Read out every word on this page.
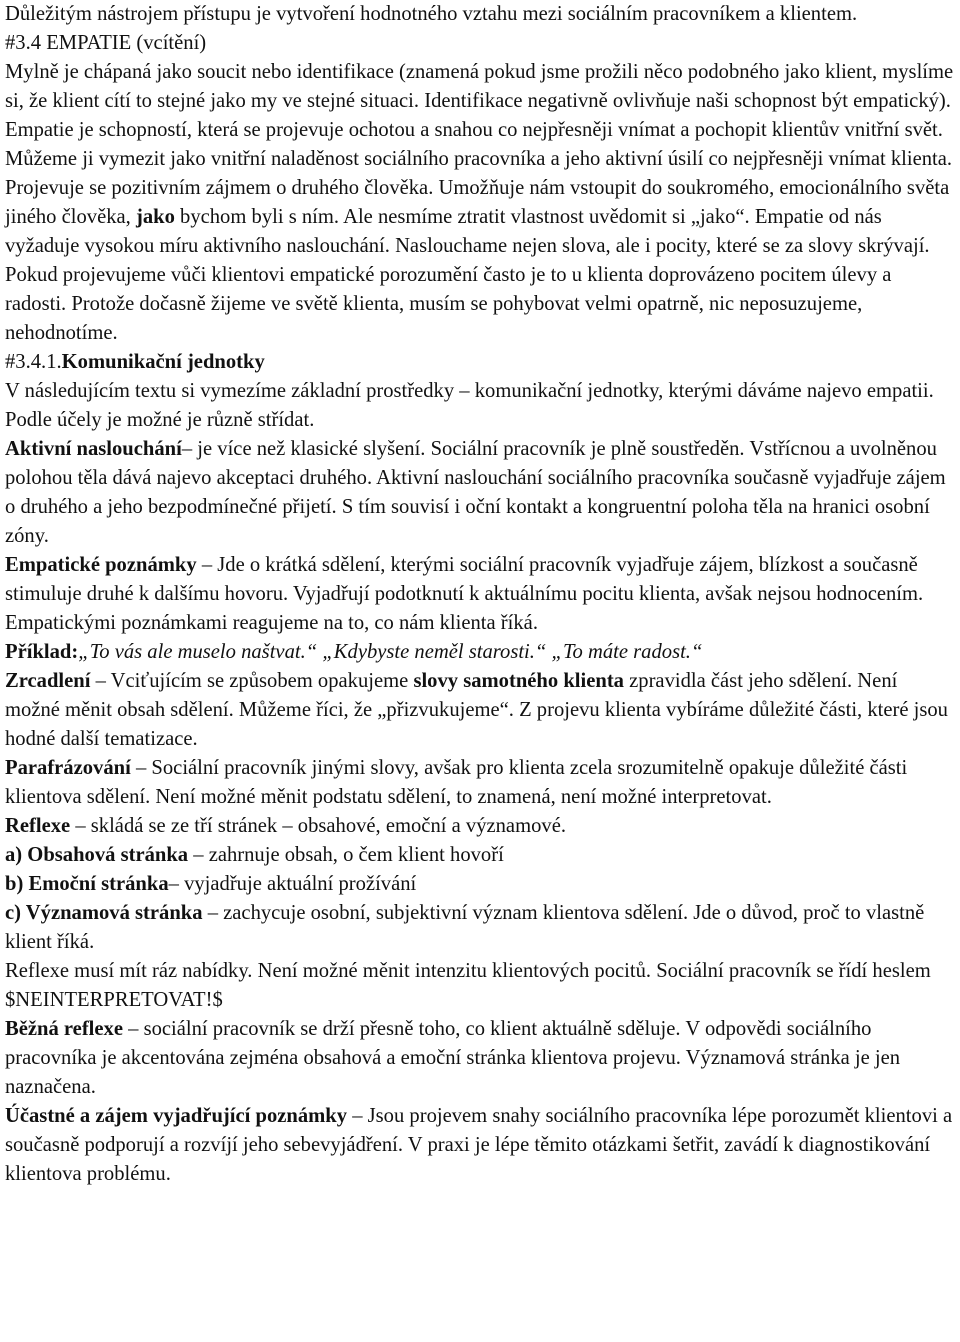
Důležitým nástrojem přístupu je vytvoření hodnotného vztahu mezi sociálním pracovníkem a klientem.

#3.4 EMPATIE (vcítění)

Mylně je chápaná jako soucit nebo identifikace (znamená pokud jsme prožili něco podobného jako klient, myslíme si, že klient cítí to stejné jako my ve stejné situaci. Identifikace negativně ovlivňuje naši schopnost být empatický). Empatie je schopností, která se projevuje ochotou a snahou co nejpřesněji vnímat a pochopit klientův vnitřní svět. Můžeme ji vymezit jako vnitřní naladěnost sociálního pracovníka a jeho aktivní úsilí co nejpřesněji vnímat klienta. Projevuje se pozitivním zájmem o druhého člověka. Umožňuje nám vstoupit do soukromého, emocionálního světa jiného člověka, jako bychom byli s ním. Ale nesmíme ztratit vlastnost uvědomit si „jako“. Empatie od nás vyžaduje vysokou míru aktivního naslouchání. Naslouchame nejen slova, ale i pocity, které se za slovy skrývají. Pokud projevujeme vůči klientovi empatické porozumění často je to u klienta doprovázeno pocitem úlevy a radosti. Protože dočasně žijeme ve světě klienta, musím se pohybovat velmi opatrně, nic neposuzujeme, nehodnotíme.

#3.4.1.Komunikační jednotky

V následujícím textu si vymezíme základní prostředky – komunikační jednotky, kterými dáváme najevo empatii. Podle účely je možné je různě střídat.

Aktivní naslouchání– je více než klasické slyšení. Sociální pracovník je plně soustředěn. Vstřícnou a uvolněnou polohou těla dává najevo akceptaci druhého. Aktivní naslouchání sociálního pracovníka současně vyjadřuje zájem o druhého a jeho bezpodmínečné přijetí. S tím souvisí i oční kontakt a kongruentní poloha těla na hranici osobní zóny.

Empatické poznámky – Jde o krátká sdělení, kterými sociální pracovník vyjadřuje zájem, blízkost a současně stimuluje druhé k dalšímu hovoru. Vyjadřují podotknutí k aktuálnímu pocitu klienta, avšak nejsou hodnocením. Empatickými poznámkami reagujeme na to, co nám klienta říká.

Příklad:„To vás ale muselo naštvat.“ „Kdybyste neměl starosti.“ „To máte radost.“

Zrcadlení – Vciťujícím se způsobem opakujeme slovy samotného klienta zpravidla část jeho sdělení. Není možné měnit obsah sdělení. Můžeme říci, že „přizvukujeme“. Z projevu klienta vybíráme důležité části, které jsou hodné další tematizace.

Parafrázování – Sociální pracovník jinými slovy, avšak pro klienta zcela srozumitelně opakuje důležité části klientova sdělení. Není možné měnit podstatu sdělení, to znamená, není možné interpretovat.

Reflexe – skládá se ze tří stránek – obsahové, emoční a významové.

a) Obsahová stránka – zahrnuje obsah, o čem klient hovoří

b) Emoční stránka– vyjadřuje aktuální prožívání

c) Významová stránka – zachycuje osobní, subjektivní význam klientova sdělení. Jde o důvod, proč to vlastně klient říká.

Reflexe musí mít ráz nabídky. Není možné měnit intenzitu klientových pocitů. Sociální pracovník se řídí heslem $NEINTERPRETOVAT!$

Běžná reflexe – sociální pracovník se drží přesně toho, co klient aktuálně sděluje. V odpovědi sociálního pracovníka je akcentována zejména obsahová a emoční stránka klientova projevu. Významová stránka je jen naznačena.

Účastné a zájem vyjadřující poznámky – Jsou projevem snahy sociálního pracovníka lépe porozumět klientovi a současně podporují a rozvíjí jeho sebevyjádření. V praxi je lépe těmito otázkami šetřit, zavádí k diagnostikování klientova problému.
